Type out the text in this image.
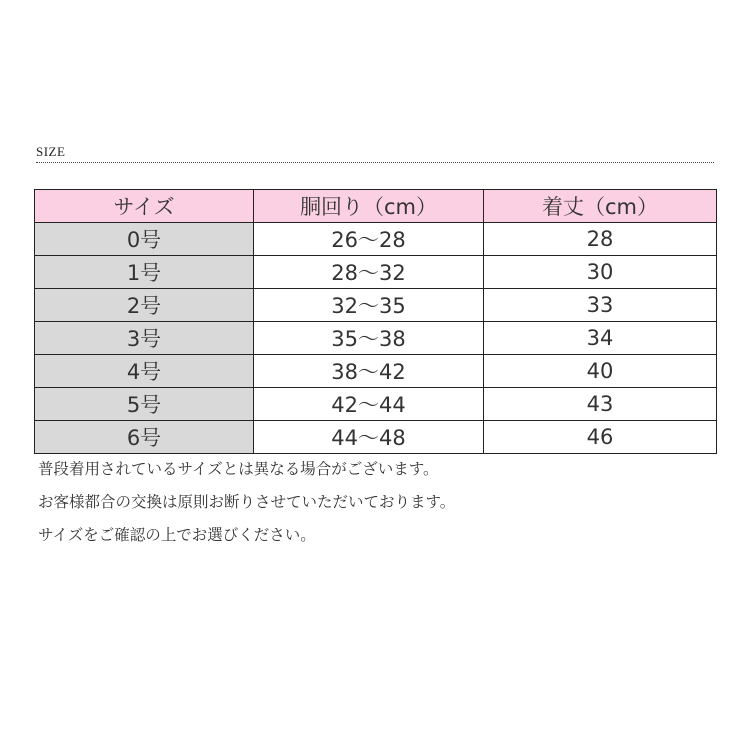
SIZE
サイズ	胴回り（cm）	着丈（cm）
0号	26〜28	28
1号	28〜32	30
2号	32〜35	33
3号	35〜38	34
4号	38〜42	40
5号	42〜44	43
6号	44〜48	46

普段着用されているサイズとは異なる場合がございます。

お客様都合の交換は原則お断りさせていただいております。

サイズをご確認の上でお選びください。
